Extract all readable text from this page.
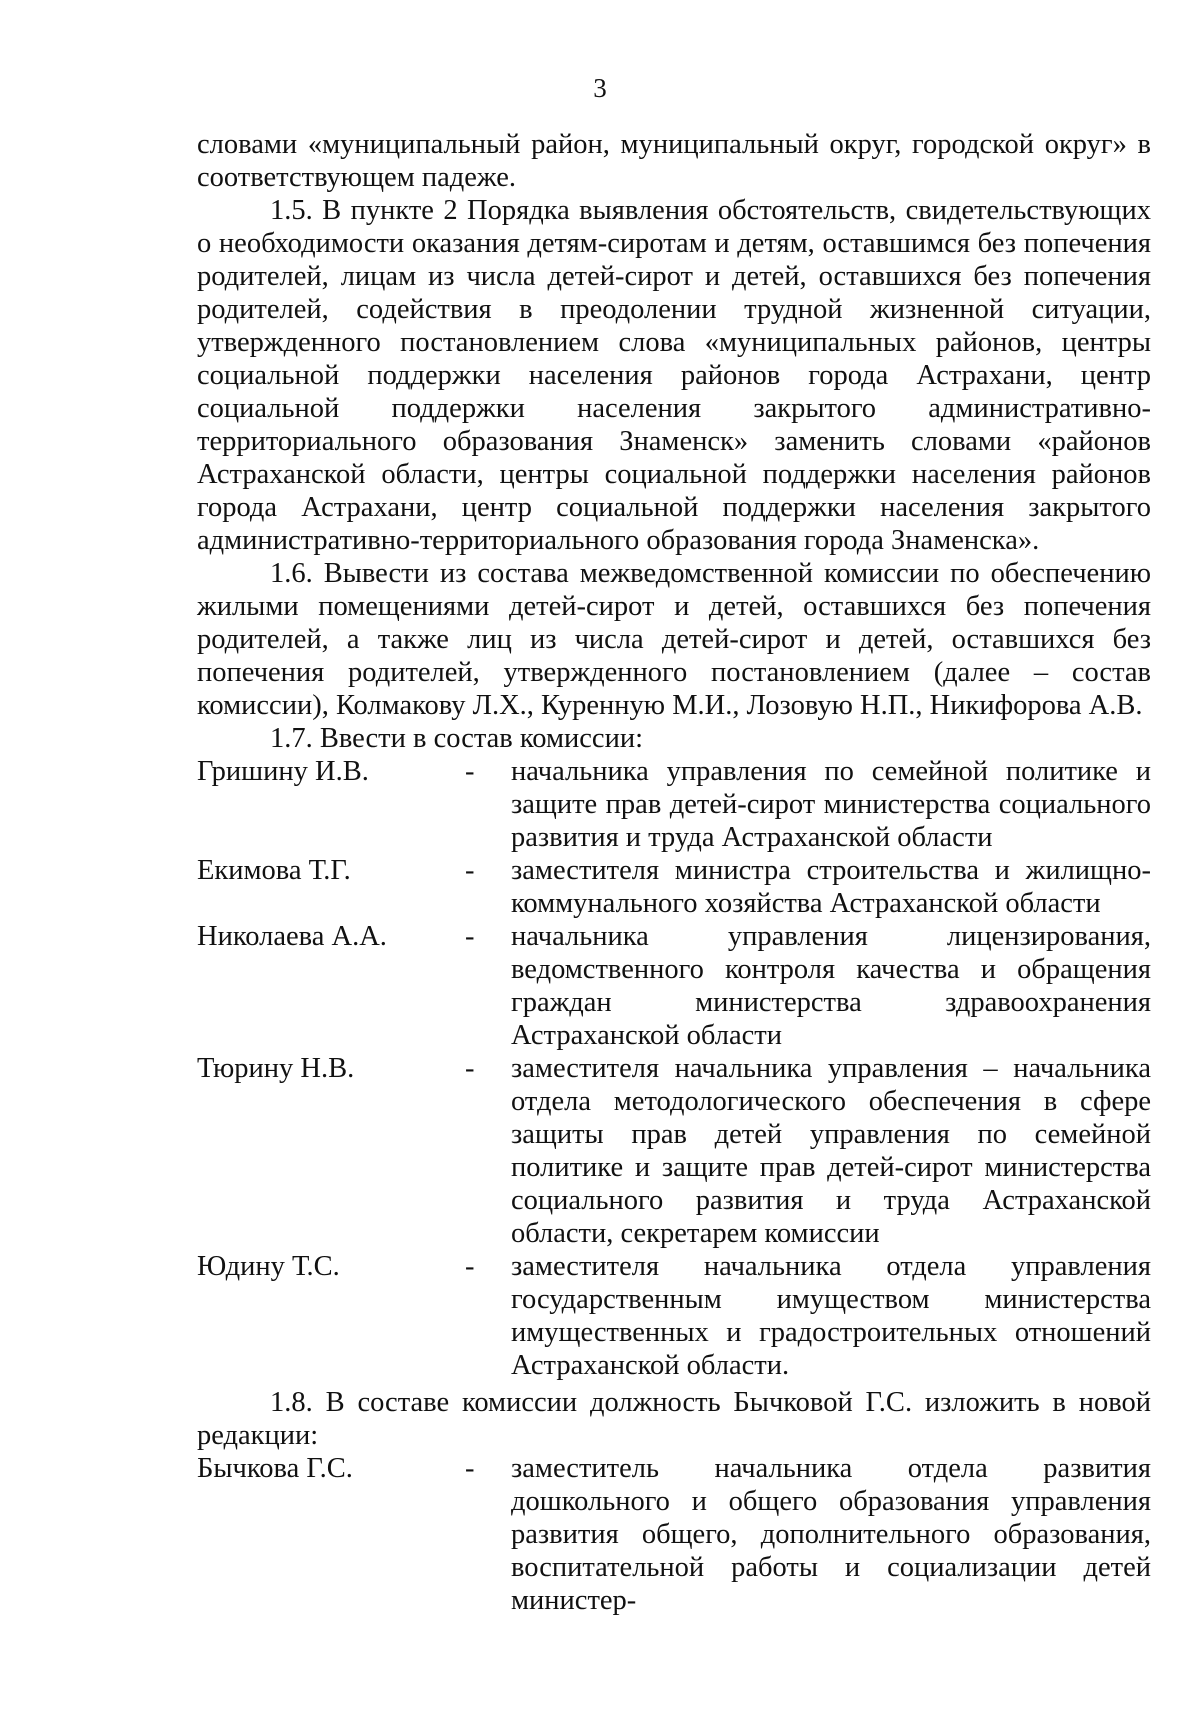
3

словами «муниципальный район, муниципальный округ, городской округ» в соответствующем падеже.

1.5. В пункте 2 Порядка выявления обстоятельств, свидетельствующих о необходимости оказания детям-сиротам и детям, оставшимся без попечения родителей, лицам из числа детей-сирот и детей, оставшихся без попечения родителей, содействия в преодолении трудной жизненной ситуации, утвержденного постановлением слова «муниципальных районов, центры социальной поддержки населения районов города Астрахани, центр социальной поддержки населения закрытого административно-территориального образования Знаменск» заменить словами «районов Астраханской области, центры социальной поддержки населения районов города Астрахани, центр социальной поддержки населения закрытого административно-территориального образования города Знаменска».

1.6. Вывести из состава межведомственной комиссии по обеспечению жилыми помещениями детей-сирот и детей, оставшихся без попечения родителей, а также лиц из числа детей-сирот и детей, оставшихся без попечения родителей, утвержденного постановлением (далее – состав комиссии), Колмакову Л.Х., Куренную М.И., Лозовую Н.П., Никифорова А.В.

1.7. Ввести в состав комиссии:

Гришину И.В.	-	начальника управления по семейной политике и защите прав детей-сирот министерства социального развития и труда Астраханской области
Екимова Т.Г.	-	заместителя министра строительства и жилищно-коммунального хозяйства Астраханской области
Николаева А.А.	-	начальника управления лицензирования, ведомственного контроля качества и обращения граждан министерства здравоохранения Астраханской области
Тюрину Н.В.	-	заместителя начальника управления – начальника отдела методологического обеспечения в сфере защиты прав детей управления по семейной политике и защите прав детей-сирот министерства социального развития и труда Астраханской области, секретарем комиссии
Юдину Т.С.	-	заместителя начальника отдела управления государственным имуществом министерства имущественных и градостроительных отношений Астраханской области.

1.8. В составе комиссии должность Бычковой Г.С. изложить в новой редакции:

Бычкова Г.С.	-	заместитель начальника отдела развития дошкольного и общего образования управления развития общего, дополнительного образования, воспитательной работы и социализации детей министер-
